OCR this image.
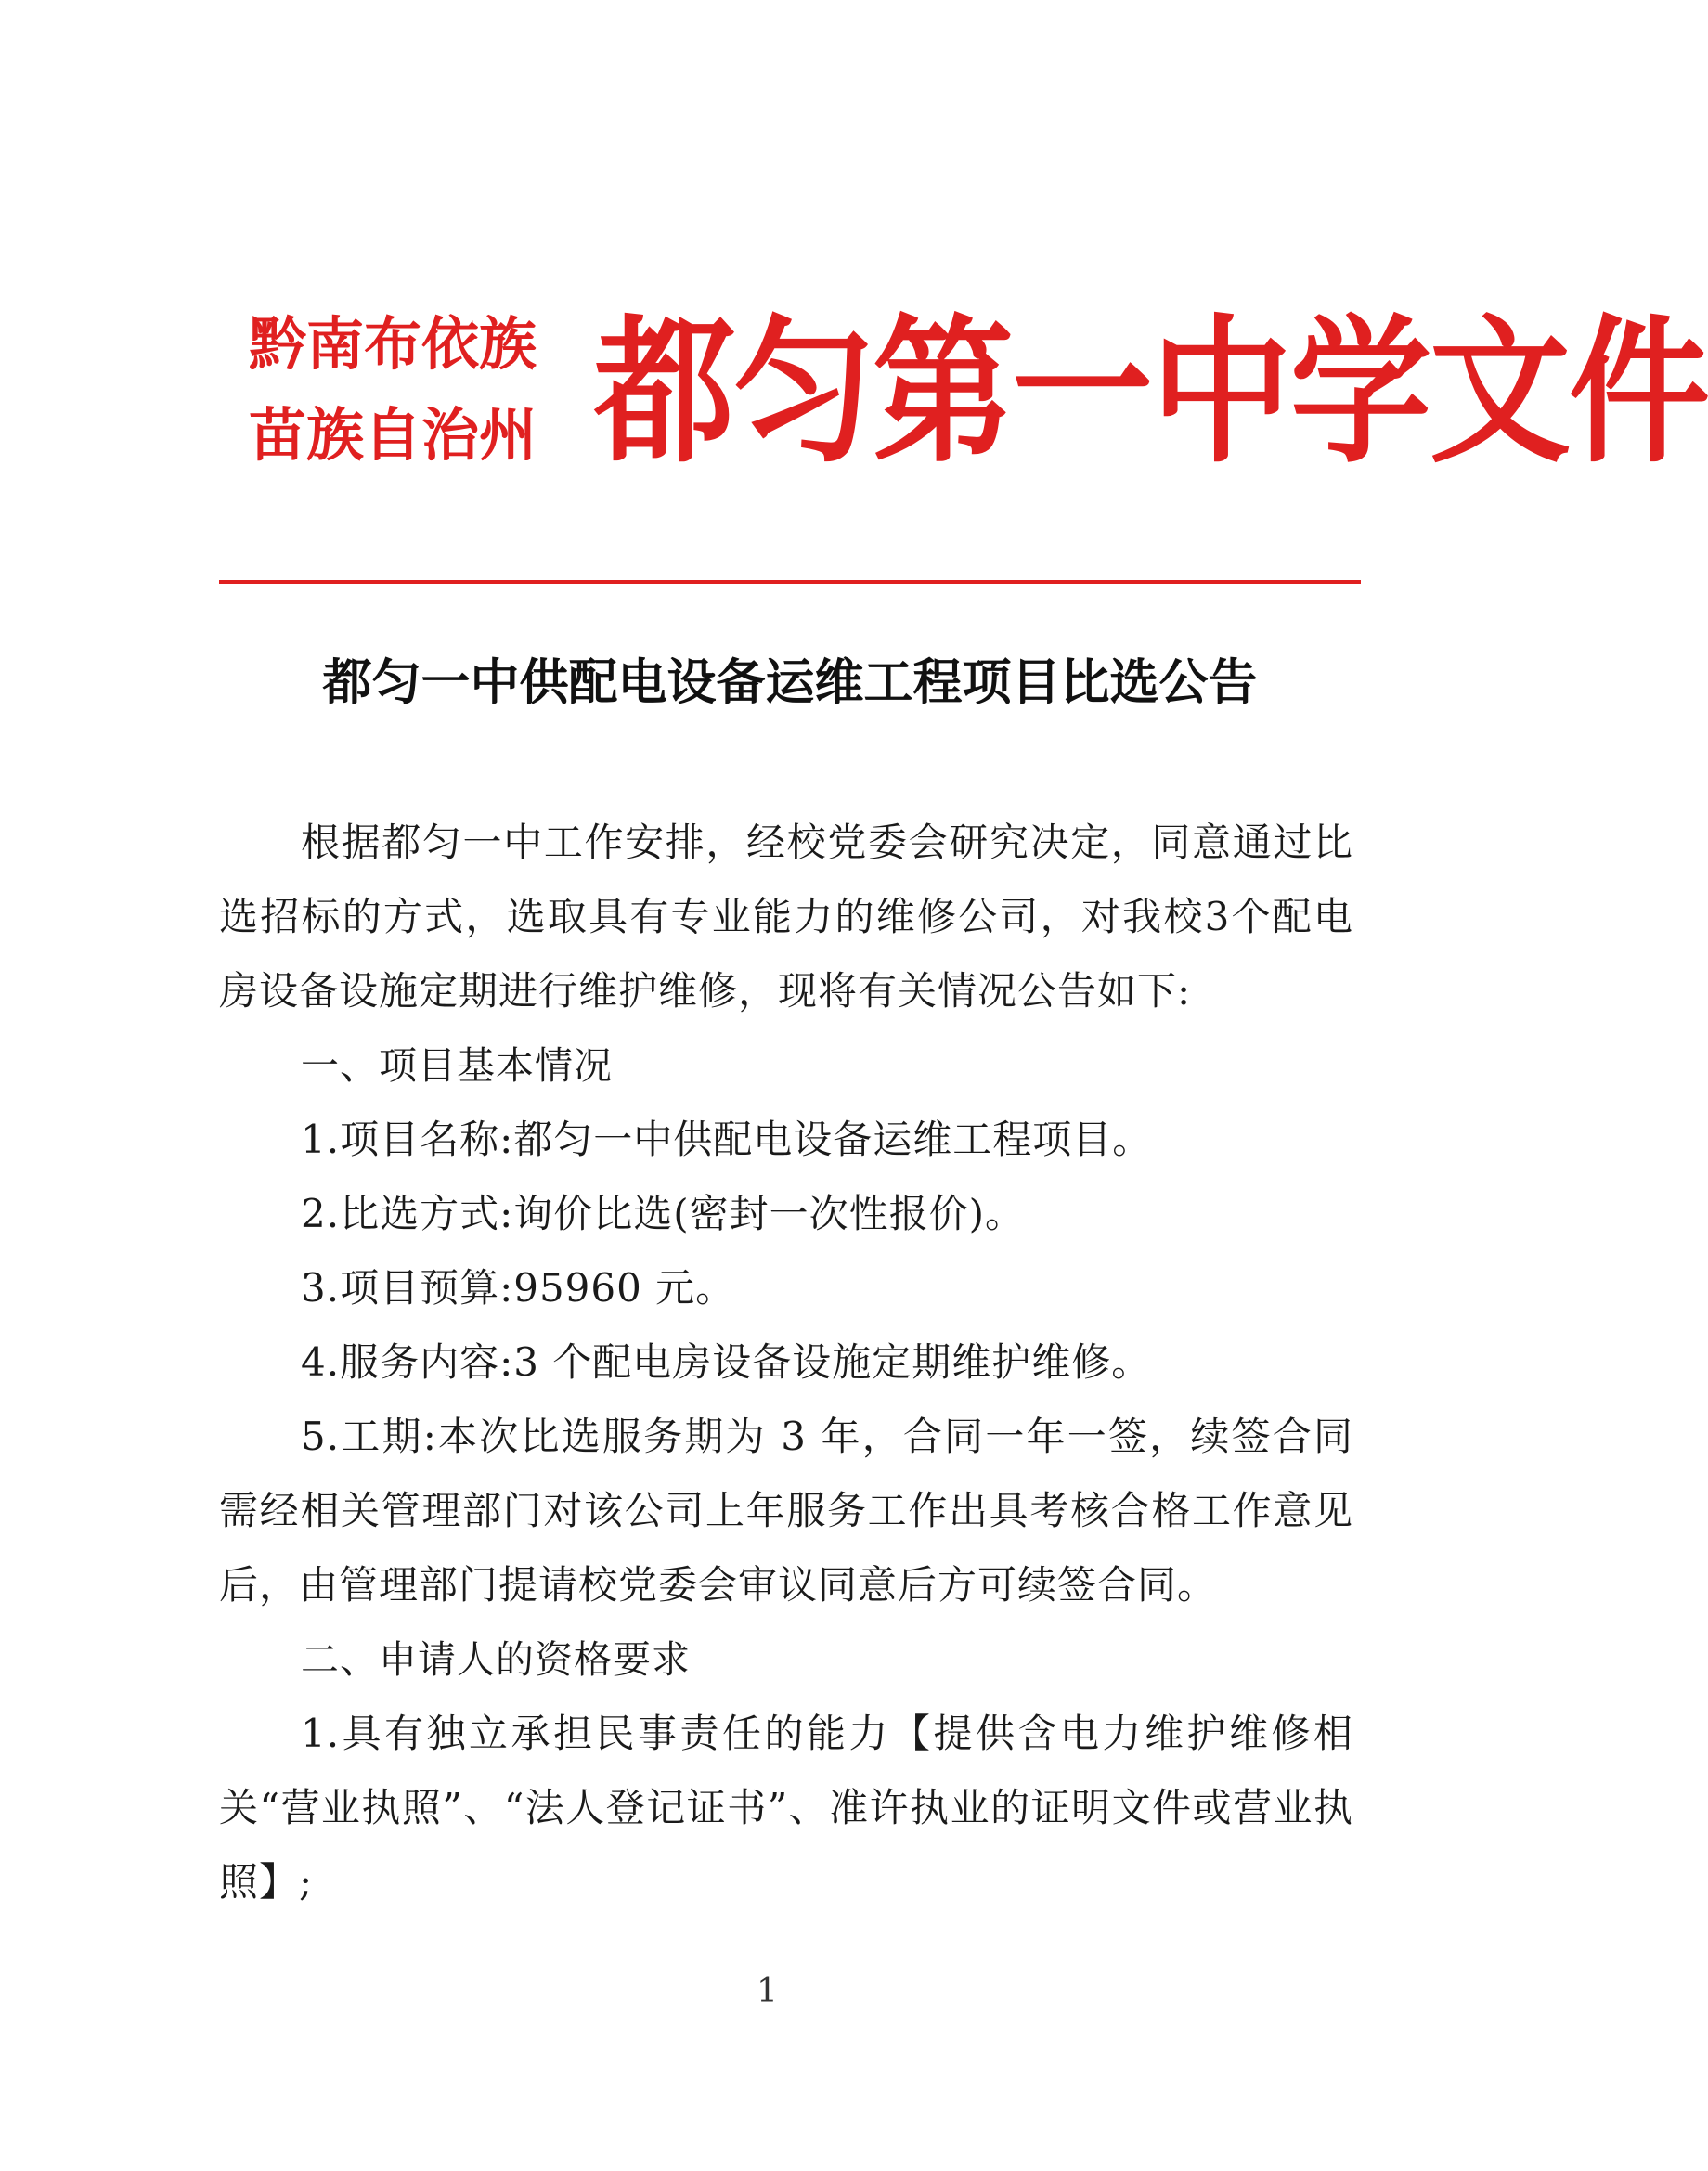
黔南布依族
苗族自治州 都匀第一中学文件
都匀一中供配电设备运维工程项目比选公告

根据都匀一中工作安排，经校党委会研究决定，同意通过比选招标的方式，选取具有专业能力的维修公司，对我校3个配电房设备设施定期进行维护维修，现将有关情况公告如下:

一、项目基本情况

1.项目名称:都匀一中供配电设备运维工程项目。

2.比选方式:询价比选(密封一次性报价)。

3.项目预算:95960 元。

4.服务内容:3 个配电房设备设施定期维护维修。

5.工期:本次比选服务期为 3 年，合同一年一签，续签合同需经相关管理部门对该公司上年服务工作出具考核合格工作意见后，由管理部门提请校党委会审议同意后方可续签合同。

二、申请人的资格要求

1.具有独立承担民事责任的能力【提供含电力维护维修相关“营业执照”、“法人登记证书”、准许执业的证明文件或营业执照】;

1
